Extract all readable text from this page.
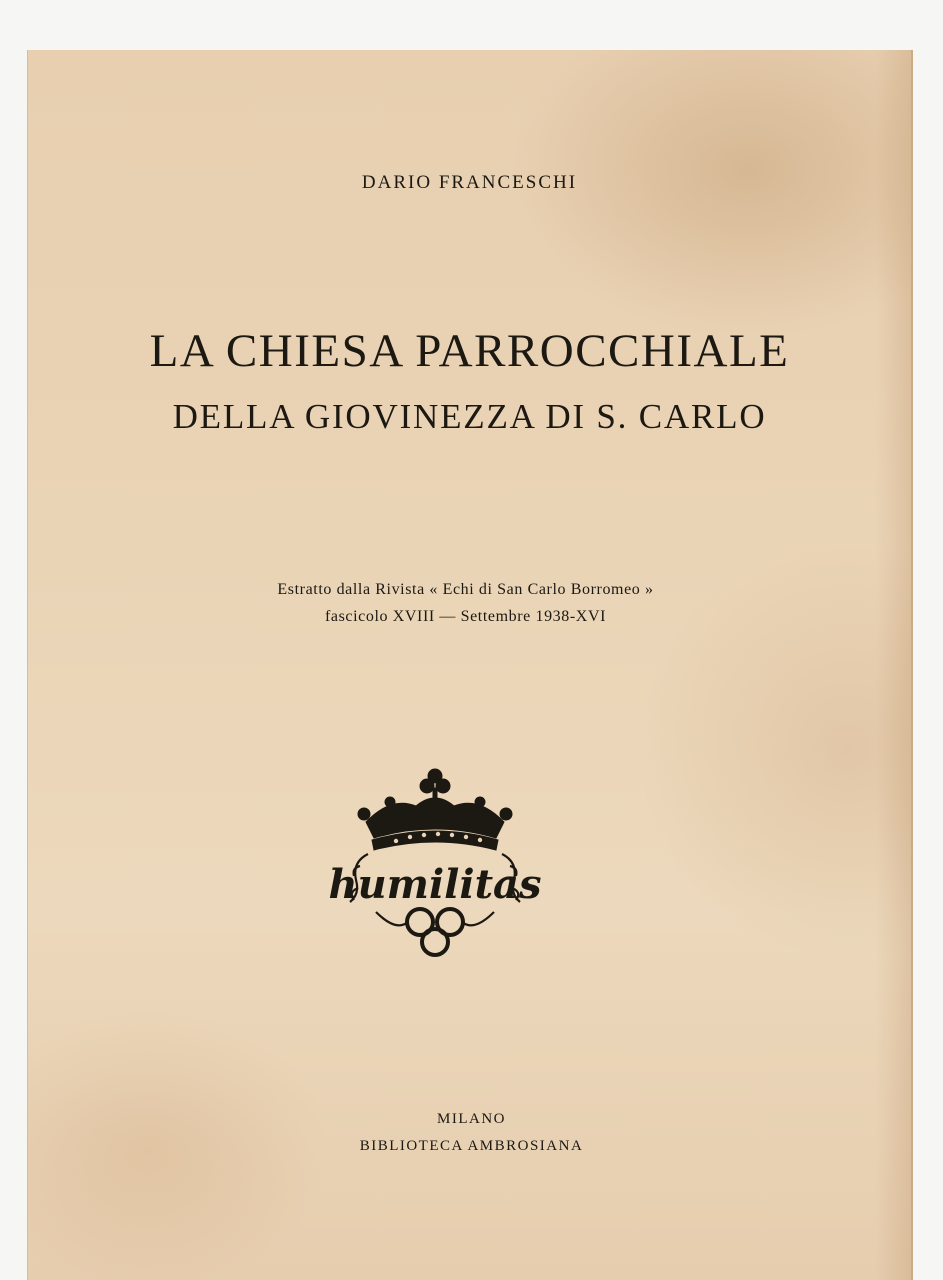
DARIO FRANCESCHI
LA CHIESA PARROCCHIALE
DELLA GIOVINEZZA DI S. CARLO
Estratto dalla Rivista « Echi di San Carlo Borromeo »
fascicolo XVIII — Settembre 1938-XVI
humilitas
MILANO
BIBLIOTECA AMBROSIANA
